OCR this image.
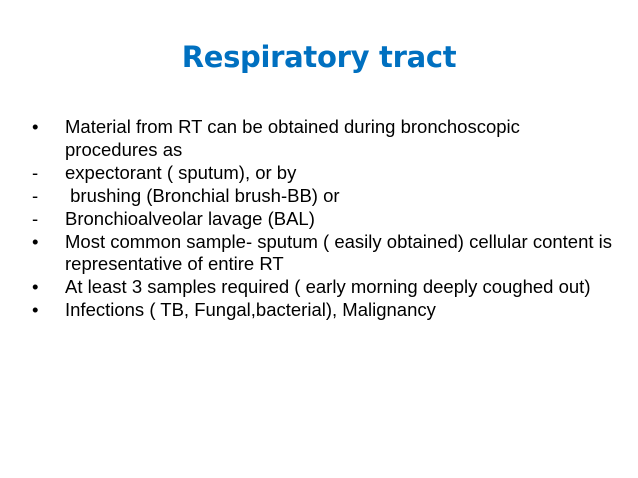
Respiratory tract
•	Material from RT can be obtained during bronchoscopic procedures as
-	expectorant ( sputum), or by
-	brushing (Bronchial brush-BB) or
-	Bronchioalveolar lavage (BAL)
•	Most common sample- sputum ( easily obtained) cellular content is representative of entire RT
•	At least 3 samples required ( early morning deeply coughed out)
•	Infections ( TB, Fungal,bacterial), Malignancy
